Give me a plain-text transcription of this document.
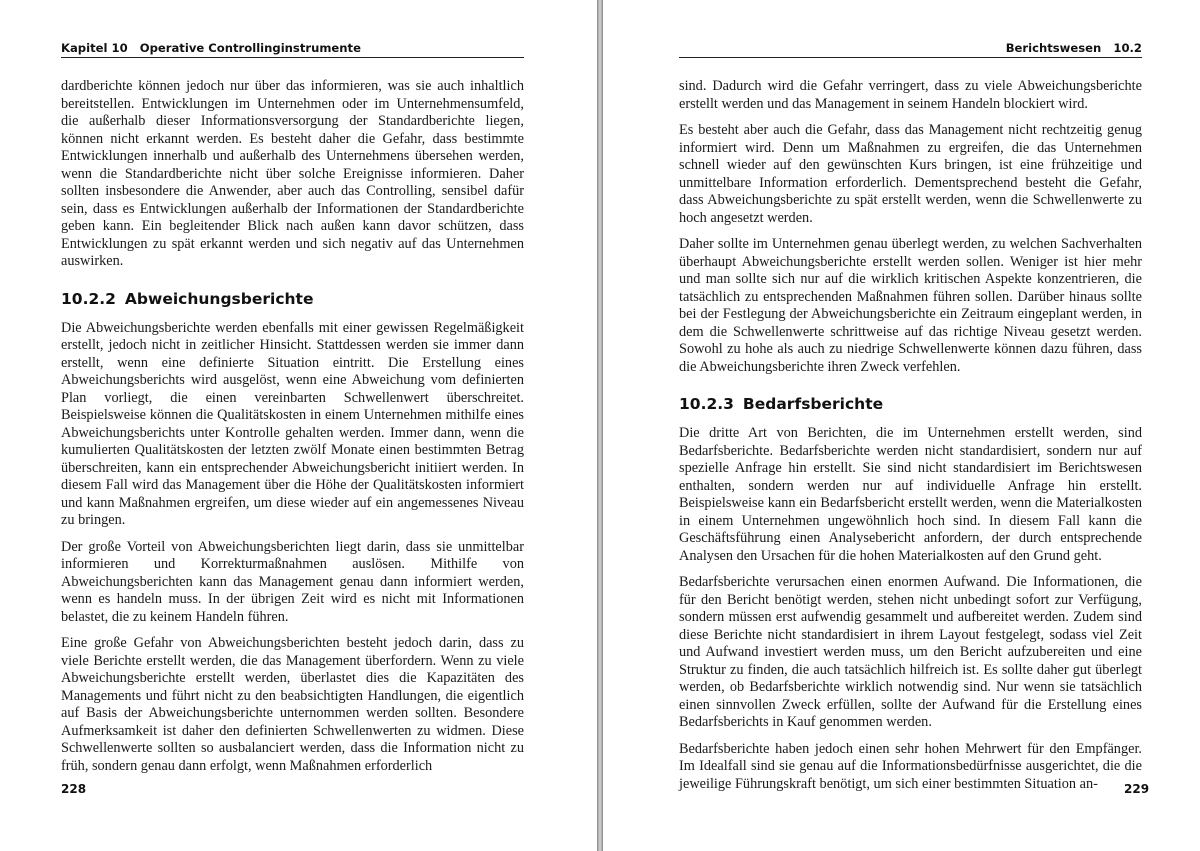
Kapitel 10   Operative Controllinginstrumente

dardberichte können jedoch nur über das informieren, was sie auch inhaltlich bereitstellen. Entwicklungen im Unternehmen oder im Unternehmensumfeld, die außerhalb dieser Informationsversorgung der Standardberichte liegen, können nicht erkannt werden. Es besteht daher die Gefahr, dass bestimmte Entwicklungen innerhalb und außerhalb des Unternehmens übersehen werden, wenn die Standardberichte nicht über solche Ereignisse informieren. Daher sollten insbesondere die Anwender, aber auch das Controlling, sensibel dafür sein, dass es Entwicklungen außerhalb der Informationen der Standardberichte geben kann. Ein begleitender Blick nach außen kann davor schützen, dass Entwicklungen zu spät erkannt werden und sich negativ auf das Unternehmen auswirken.

10.2.2 Abweichungsberichte

Die Abweichungsberichte werden ebenfalls mit einer gewissen Regelmäßigkeit erstellt, jedoch nicht in zeitlicher Hinsicht. Stattdessen werden sie immer dann erstellt, wenn eine definierte Situation eintritt. Die Erstellung eines Abweichungsberichts wird ausgelöst, wenn eine Abweichung vom definierten Plan vorliegt, die einen vereinbarten Schwellenwert überschreitet. Beispielsweise können die Qualitätskosten in einem Unternehmen mithilfe eines Abweichungsberichts unter Kontrolle gehalten werden. Immer dann, wenn die kumulierten Qualitätskosten der letzten zwölf Monate einen bestimmten Betrag überschreiten, kann ein entsprechender Abweichungsbericht initiiert werden. In diesem Fall wird das Management über die Höhe der Qualitätskosten informiert und kann Maßnahmen ergreifen, um diese wieder auf ein angemessenes Niveau zu bringen.

Der große Vorteil von Abweichungsberichten liegt darin, dass sie unmittelbar informieren und Korrekturmaßnahmen auslösen. Mithilfe von Abweichungsberichten kann das Management genau dann informiert werden, wenn es handeln muss. In der übrigen Zeit wird es nicht mit Informationen belastet, die zu keinem Handeln führen.

Eine große Gefahr von Abweichungsberichten besteht jedoch darin, dass zu viele Berichte erstellt werden, die das Management überfordern. Wenn zu viele Abweichungsberichte erstellt werden, überlastet dies die Kapazitäten des Managements und führt nicht zu den beabsichtigten Handlungen, die eigentlich auf Basis der Abweichungsberichte unternommen werden sollten. Besondere Aufmerksamkeit ist daher den definierten Schwellenwerten zu widmen. Diese Schwellenwerte sollten so ausbalanciert werden, dass die Information nicht zu früh, sondern genau dann erfolgt, wenn Maßnahmen erforderlich

228
Berichtswesen   10.2

sind. Dadurch wird die Gefahr verringert, dass zu viele Abweichungsberichte erstellt werden und das Management in seinem Handeln blockiert wird.

Es besteht aber auch die Gefahr, dass das Management nicht rechtzeitig genug informiert wird. Denn um Maßnahmen zu ergreifen, die das Unternehmen schnell wieder auf den gewünschten Kurs bringen, ist eine frühzeitige und unmittelbare Information erforderlich. Dementsprechend besteht die Gefahr, dass Abweichungsberichte zu spät erstellt werden, wenn die Schwellenwerte zu hoch angesetzt werden.

Daher sollte im Unternehmen genau überlegt werden, zu welchen Sachverhalten überhaupt Abweichungsberichte erstellt werden sollen. Weniger ist hier mehr und man sollte sich nur auf die wirklich kritischen Aspekte konzentrieren, die tatsächlich zu entsprechenden Maßnahmen führen sollen. Darüber hinaus sollte bei der Festlegung der Abweichungsberichte ein Zeitraum eingeplant werden, in dem die Schwellenwerte schrittweise auf das richtige Niveau gesetzt werden. Sowohl zu hohe als auch zu niedrige Schwellenwerte können dazu führen, dass die Abweichungsberichte ihren Zweck verfehlen.

10.2.3 Bedarfsberichte

Die dritte Art von Berichten, die im Unternehmen erstellt werden, sind Bedarfsberichte. Bedarfsberichte werden nicht standardisiert, sondern nur auf spezielle Anfrage hin erstellt. Sie sind nicht standardisiert im Berichtswesen enthalten, sondern werden nur auf individuelle Anfrage hin erstellt. Beispielsweise kann ein Bedarfsbericht erstellt werden, wenn die Materialkosten in einem Unternehmen ungewöhnlich hoch sind. In diesem Fall kann die Geschäftsführung einen Analysebericht anfordern, der durch entsprechende Analysen den Ursachen für die hohen Materialkosten auf den Grund geht.

Bedarfsberichte verursachen einen enormen Aufwand. Die Informationen, die für den Bericht benötigt werden, stehen nicht unbedingt sofort zur Verfügung, sondern müssen erst aufwendig gesammelt und aufbereitet werden. Zudem sind diese Berichte nicht standardisiert in ihrem Layout festgelegt, sodass viel Zeit und Aufwand investiert werden muss, um den Bericht aufzubereiten und eine Struktur zu finden, die auch tatsächlich hilfreich ist. Es sollte daher gut überlegt werden, ob Bedarfsberichte wirklich notwendig sind. Nur wenn sie tatsächlich einen sinnvollen Zweck erfüllen, sollte der Aufwand für die Erstellung eines Bedarfsberichts in Kauf genommen werden.

Bedarfsberichte haben jedoch einen sehr hohen Mehrwert für den Empfänger. Im Idealfall sind sie genau auf die Informationsbedürfnisse ausgerichtet, die die jeweilige Führungskraft benötigt, um sich einer bestimmten Situation an-	229
